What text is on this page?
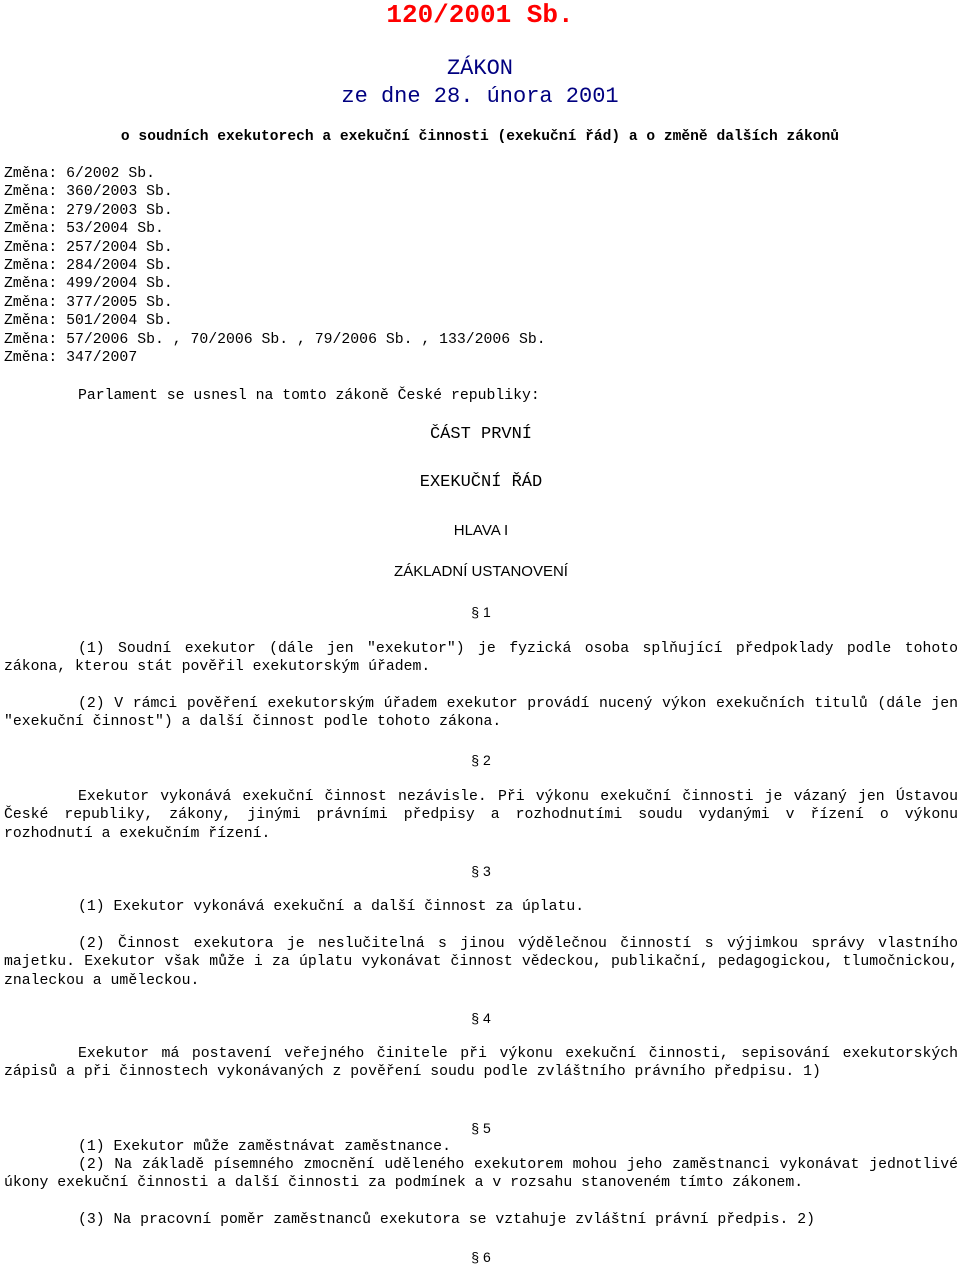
120/2001 Sb.
ZÁKON
ze dne 28. února 2001
o soudních exekutorech a exekuční činnosti (exekuční řád) a o změně dalších zákonů
Změna: 6/2002 Sb.
Změna: 360/2003 Sb.
Změna: 279/2003 Sb.
Změna: 53/2004 Sb.
Změna: 257/2004 Sb.
Změna: 284/2004 Sb.
Změna: 499/2004 Sb.
Změna: 377/2005 Sb.
Změna: 501/2004 Sb.
Změna: 57/2006 Sb. , 70/2006 Sb. , 79/2006 Sb. , 133/2006 Sb.
Změna: 347/2007

Parlament se usnesl na tomto zákoně České republiky:

ČÁST PRVNÍ

EXEKUČNÍ ŘÁD

HLAVA I

ZÁKLADNÍ USTANOVENÍ

§ 1

(1) Soudní exekutor (dále jen "exekutor") je fyzická osoba splňující předpoklady podle tohoto zákona, kterou stát pověřil exekutorským úřadem.

(2) V rámci pověření exekutorským úřadem exekutor provádí nucený výkon exekučních titulů (dále jen "exekuční činnost") a další činnost podle tohoto zákona.

§ 2

Exekutor vykonává exekuční činnost nezávisle. Při výkonu exekuční činnosti je vázaný jen Ústavou České republiky, zákony, jinými právními předpisy a rozhodnutími soudu vydanými v řízení o výkonu rozhodnutí a exekučním řízení.

§ 3

(1) Exekutor vykonává exekuční a další činnost za úplatu.

(2) Činnost exekutora je neslučitelná s jinou výdělečnou činností s výjimkou správy vlastního majetku. Exekutor však může i za úplatu vykonávat činnost vědeckou, publikační, pedagogickou, tlumočnickou, znaleckou a uměleckou.

§ 4

Exekutor má postavení veřejného činitele při výkonu exekuční činnosti, sepisování exekutorských zápisů a při činnostech vykonávaných z pověření soudu podle zvláštního právního předpisu. 1)

§ 5

(1) Exekutor může zaměstnávat zaměstnance.

(2) Na základě písemného zmocnění uděleného exekutorem mohou jeho zaměstnanci vykonávat jednotlivé úkony exekuční činnosti a další činnosti za podmínek a v rozsahu stanoveném tímto zákonem.

(3) Na pracovní poměr zaměstnanců exekutora se vztahuje zvláštní právní předpis. 2)

§ 6
